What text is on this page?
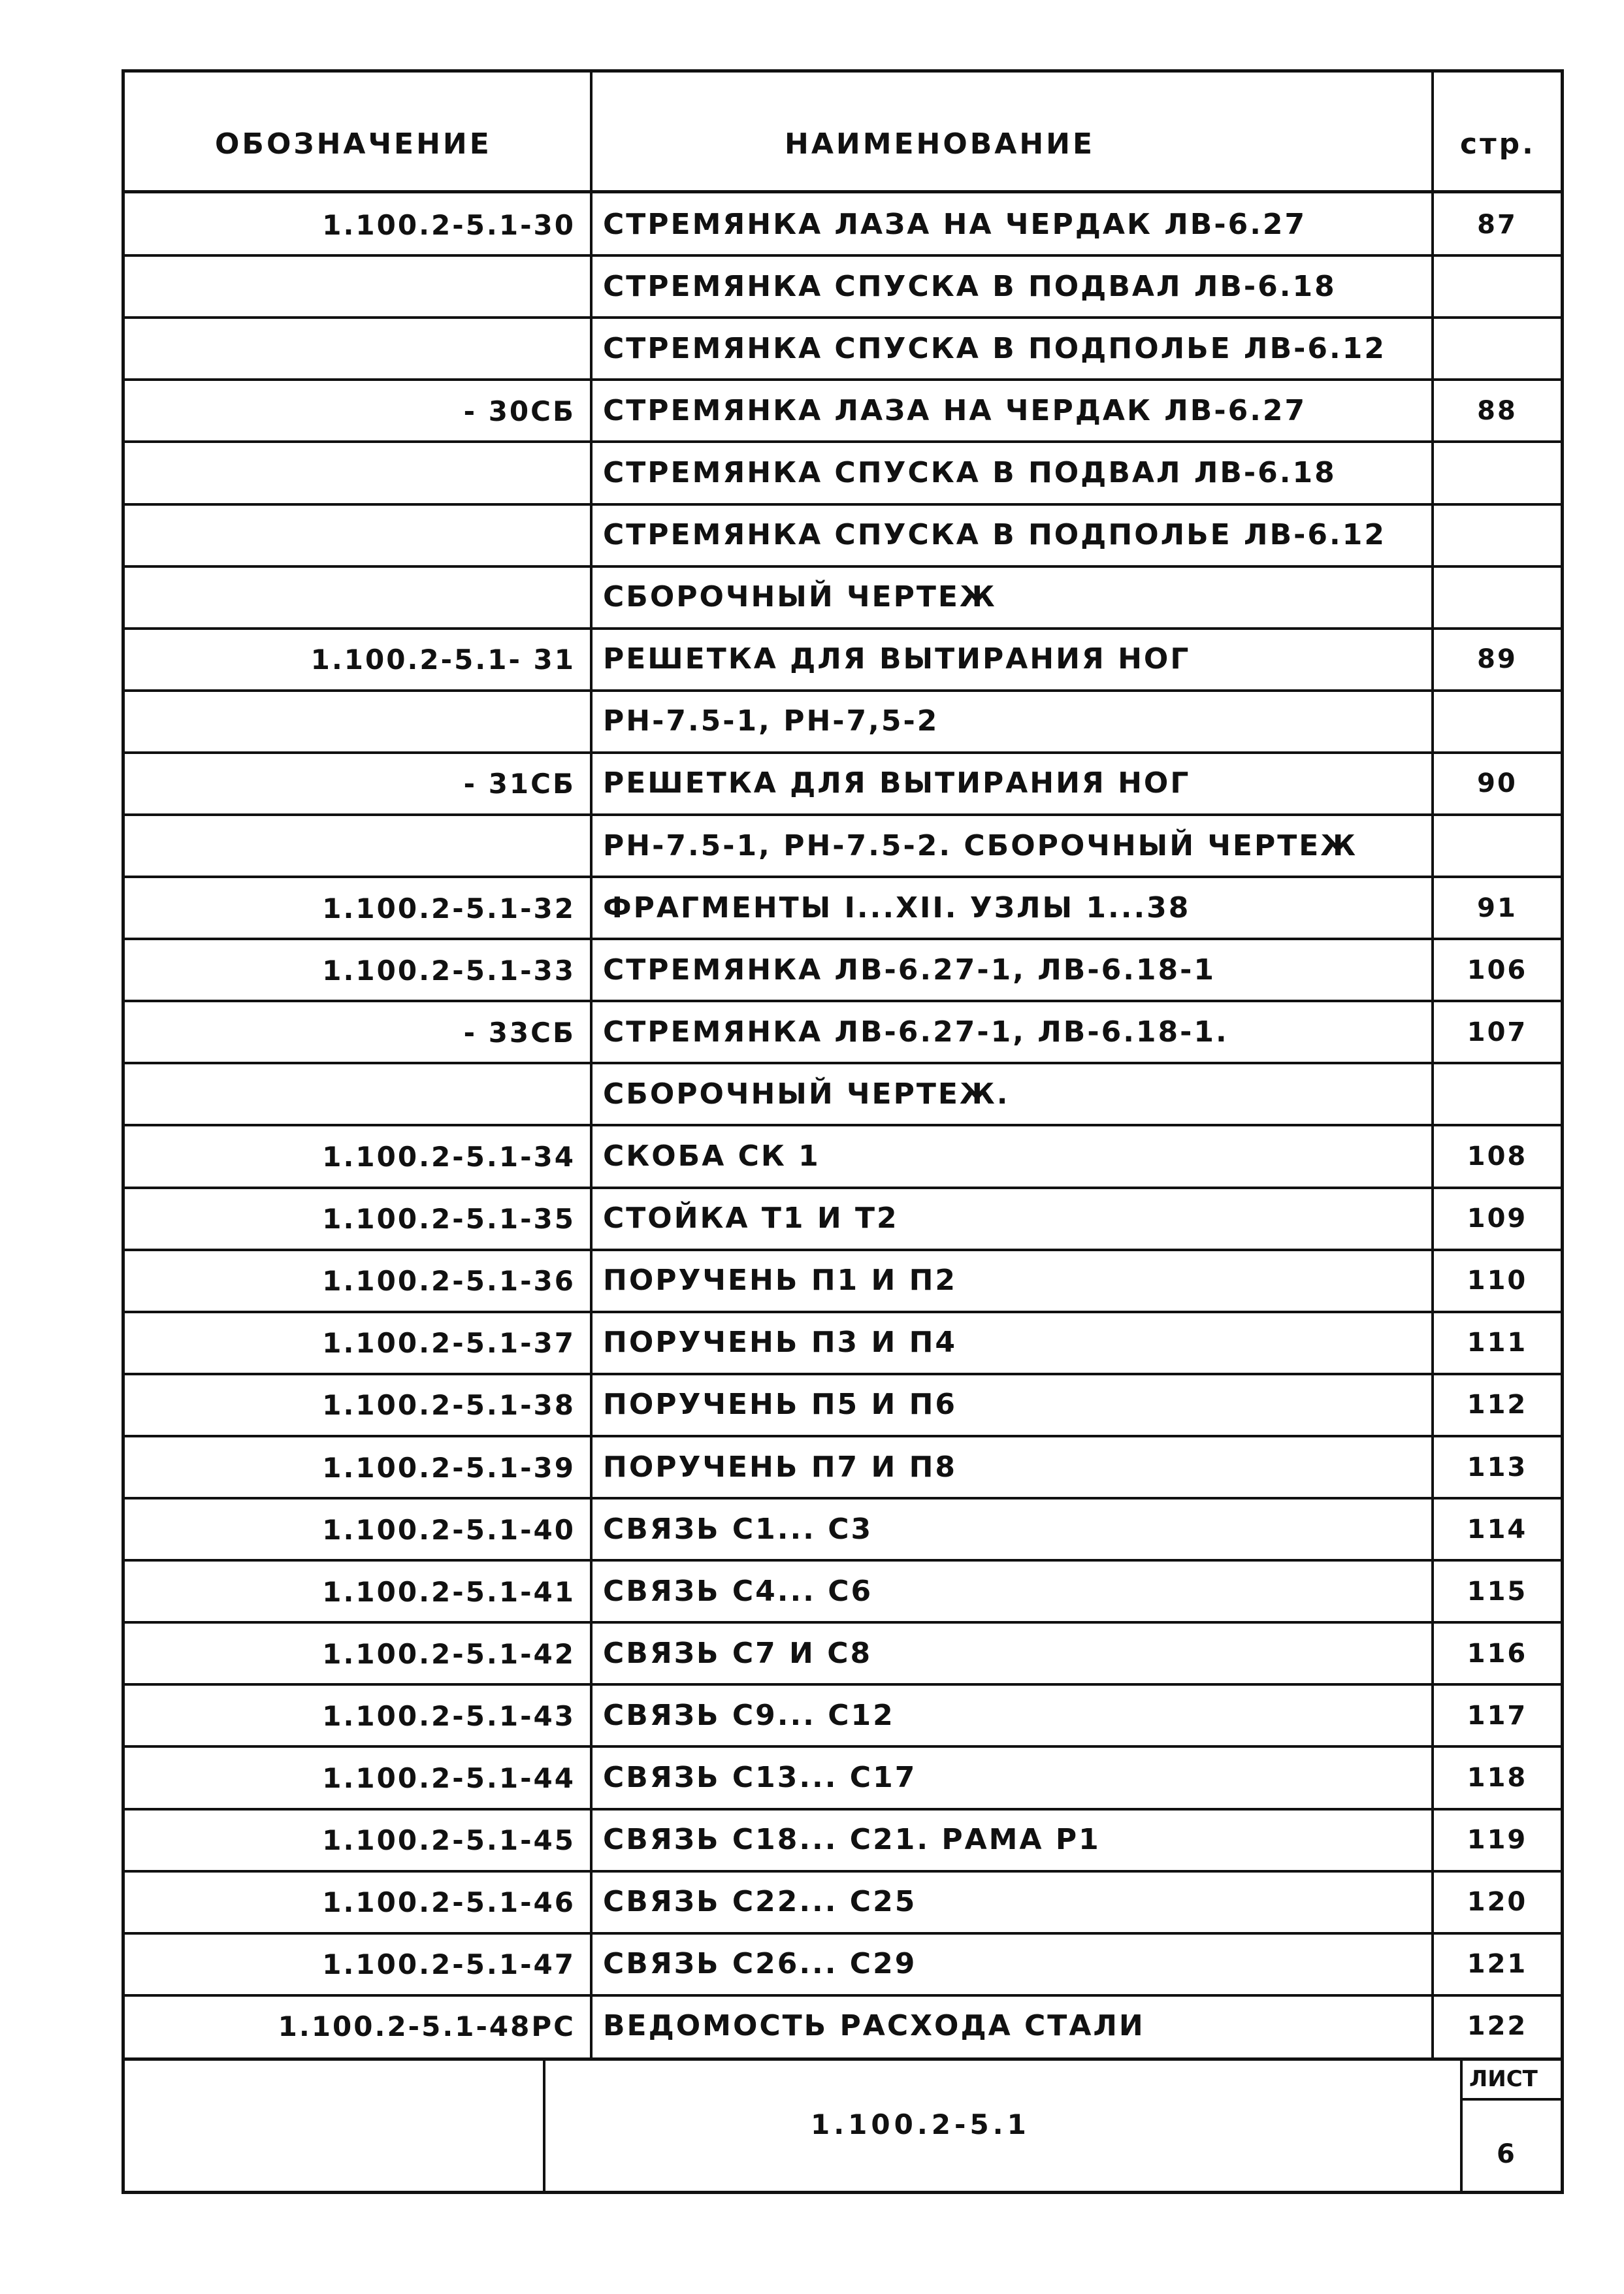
ОБОЗНАЧЕНИЕ	НАИМЕНОВАНИЕ	стр.
1.100.2-5.1-30 СТРЕМЯНКА ЛАЗА НА ЧЕРДАК ЛВ-6.27	87
СТРЕМЯНКА СПУСКА В ПОДВАЛ ЛВ-6.18
СТРЕМЯНКА СПУСКА В ПОДПОЛЬЕ ЛВ-6.12
- 30СБ СТРЕМЯНКА ЛАЗА НА ЧЕРДАК ЛВ-6.27	88
СТРЕМЯНКА СПУСКА В ПОДВАЛ ЛВ-6.18
СТРЕМЯНКА СПУСКА В ПОДПОЛЬЕ ЛВ-6.12
СБОРОЧНЫЙ ЧЕРТЕЖ
1.100.2-5.1- 31 РЕШЕТКА ДЛЯ ВЫТИРАНИЯ НОГ	89
РН-7.5-1, РН-7,5-2
- 31СБ РЕШЕТКА ДЛЯ ВЫТИРАНИЯ НОГ	90
РН-7.5-1, РН-7.5-2. СБОРОЧНЫЙ ЧЕРТЕЖ
1.100.2-5.1-32 ФРАГМЕНТЫ I...XII. УЗЛЫ 1...38	91
1.100.2-5.1-33 СТРЕМЯНКА ЛВ-6.27-1, ЛВ-6.18-1	106
- 33СБ СТРЕМЯНКА ЛВ-6.27-1, ЛВ-6.18-1.	107
СБОРОЧНЫЙ ЧЕРТЕЖ.
1.100.2-5.1-34 СКОБА СК 1	108
1.100.2-5.1-35 СТОЙКА Т1 И Т2	109
1.100.2-5.1-36 ПОРУЧЕНЬ П1 И П2	110
1.100.2-5.1-37 ПОРУЧЕНЬ П3 И П4	111
1.100.2-5.1-38 ПОРУЧЕНЬ П5 И П6	112
1.100.2-5.1-39 ПОРУЧЕНЬ П7 И П8	113
1.100.2-5.1-40 СВЯЗЬ С1... С3	114
1.100.2-5.1-41 СВЯЗЬ С4... С6	115
1.100.2-5.1-42 СВЯЗЬ С7 И С8	116
1.100.2-5.1-43 СВЯЗЬ С9... С12	117
1.100.2-5.1-44 СВЯЗЬ С13... С17	118
1.100.2-5.1-45 СВЯЗЬ С18... С21. РАМА Р1	119
1.100.2-5.1-46 СВЯЗЬ С22... С25	120
1.100.2-5.1-47 СВЯЗЬ С26... С29	121
1.100.2-5.1-48РС ВЕДОМОСТЬ РАСХОДА СТАЛИ	122
1.100.2-5.1
ЛИСТ
6
